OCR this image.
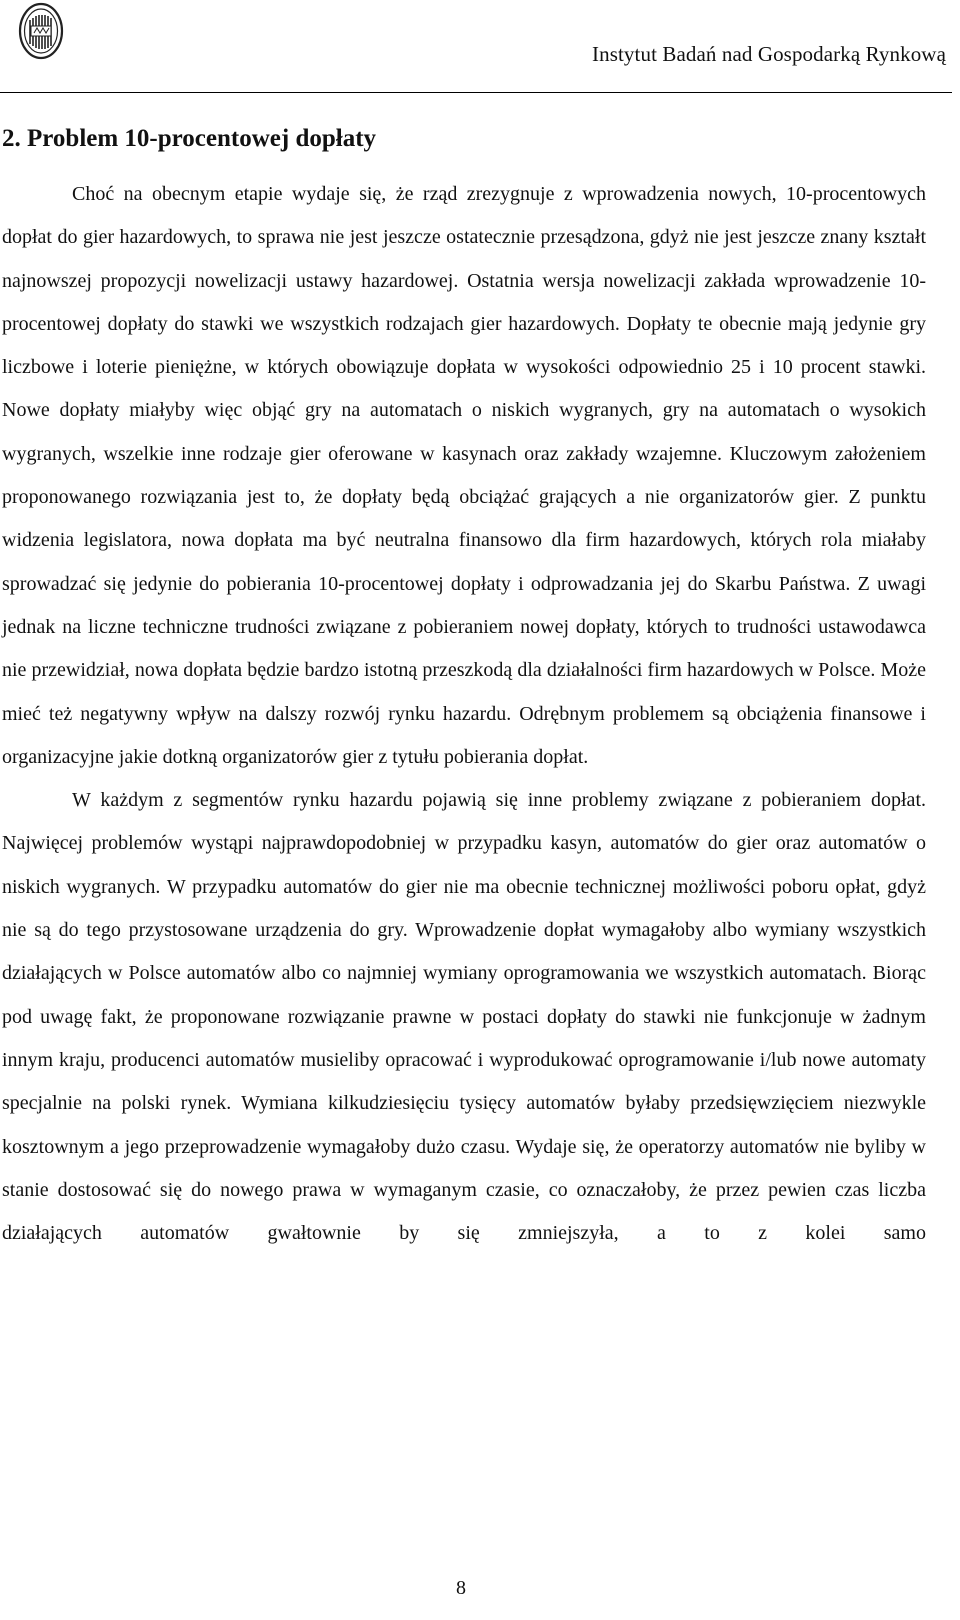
Instytut Badań nad Gospodarką Rynkową
2. Problem 10-procentowej dopłaty

Choć na obecnym etapie wydaje się, że rząd zrezygnuje z wprowadzenia nowych, 10-procentowych dopłat do gier hazardowych, to sprawa nie jest jeszcze ostatecznie przesądzona, gdyż nie jest jeszcze znany kształt najnowszej propozycji nowelizacji ustawy hazardowej. Ostatnia wersja nowelizacji zakłada wprowadzenie 10-procentowej dopłaty do stawki we wszystkich rodzajach gier hazardowych. Dopłaty te obecnie mają jedynie gry liczbowe i loterie pieniężne, w których obowiązuje dopłata w wysokości odpowiednio 25 i 10 procent stawki. Nowe dopłaty miałyby więc objąć gry na automatach o niskich wygranych, gry na automatach o wysokich wygranych, wszelkie inne rodzaje gier oferowane w kasynach oraz zakłady wzajemne. Kluczowym założeniem proponowanego rozwiązania jest to, że dopłaty będą obciążać grających a nie organizatorów gier. Z punktu widzenia legislatora, nowa dopłata ma być neutralna finansowo dla firm hazardowych, których rola miałaby sprowadzać się jedynie do pobierania 10-procentowej dopłaty i odprowadzania jej do Skarbu Państwa. Z uwagi jednak na liczne techniczne trudności związane z pobieraniem nowej dopłaty, których to trudności ustawodawca nie przewidział, nowa dopłata będzie bardzo istotną przeszkodą dla działalności firm hazardowych w Polsce. Może mieć też negatywny wpływ na dalszy rozwój rynku hazardu. Odrębnym problemem są obciążenia finansowe i organizacyjne jakie dotkną organizatorów gier z tytułu pobierania dopłat.

W każdym z segmentów rynku hazardu pojawią się inne problemy związane z pobieraniem dopłat. Najwięcej problemów wystąpi najprawdopodobniej w przypadku kasyn, automatów do gier oraz automatów o niskich wygranych. W przypadku automatów do gier nie ma obecnie technicznej możliwości poboru opłat, gdyż nie są do tego przystosowane urządzenia do gry. Wprowadzenie dopłat wymagałoby albo wymiany wszystkich działających w Polsce automatów albo co najmniej wymiany oprogramowania we wszystkich automatach. Biorąc pod uwagę fakt, że proponowane rozwiązanie prawne w postaci dopłaty do stawki nie funkcjonuje w żadnym innym kraju, producenci automatów musieliby opracować i wyprodukować oprogramowanie i/lub nowe automaty specjalnie na polski rynek. Wymiana kilkudziesięciu tysięcy automatów byłaby przedsięwzięciem niezwykle kosztownym a jego przeprowadzenie wymagałoby dużo czasu. Wydaje się, że operatorzy automatów nie byliby w stanie dostosować się do nowego prawa w wymaganym czasie, co oznaczałoby, że przez pewien czas liczba działających automatów gwałtownie by się zmniejszyła, a to z kolei samo

8
